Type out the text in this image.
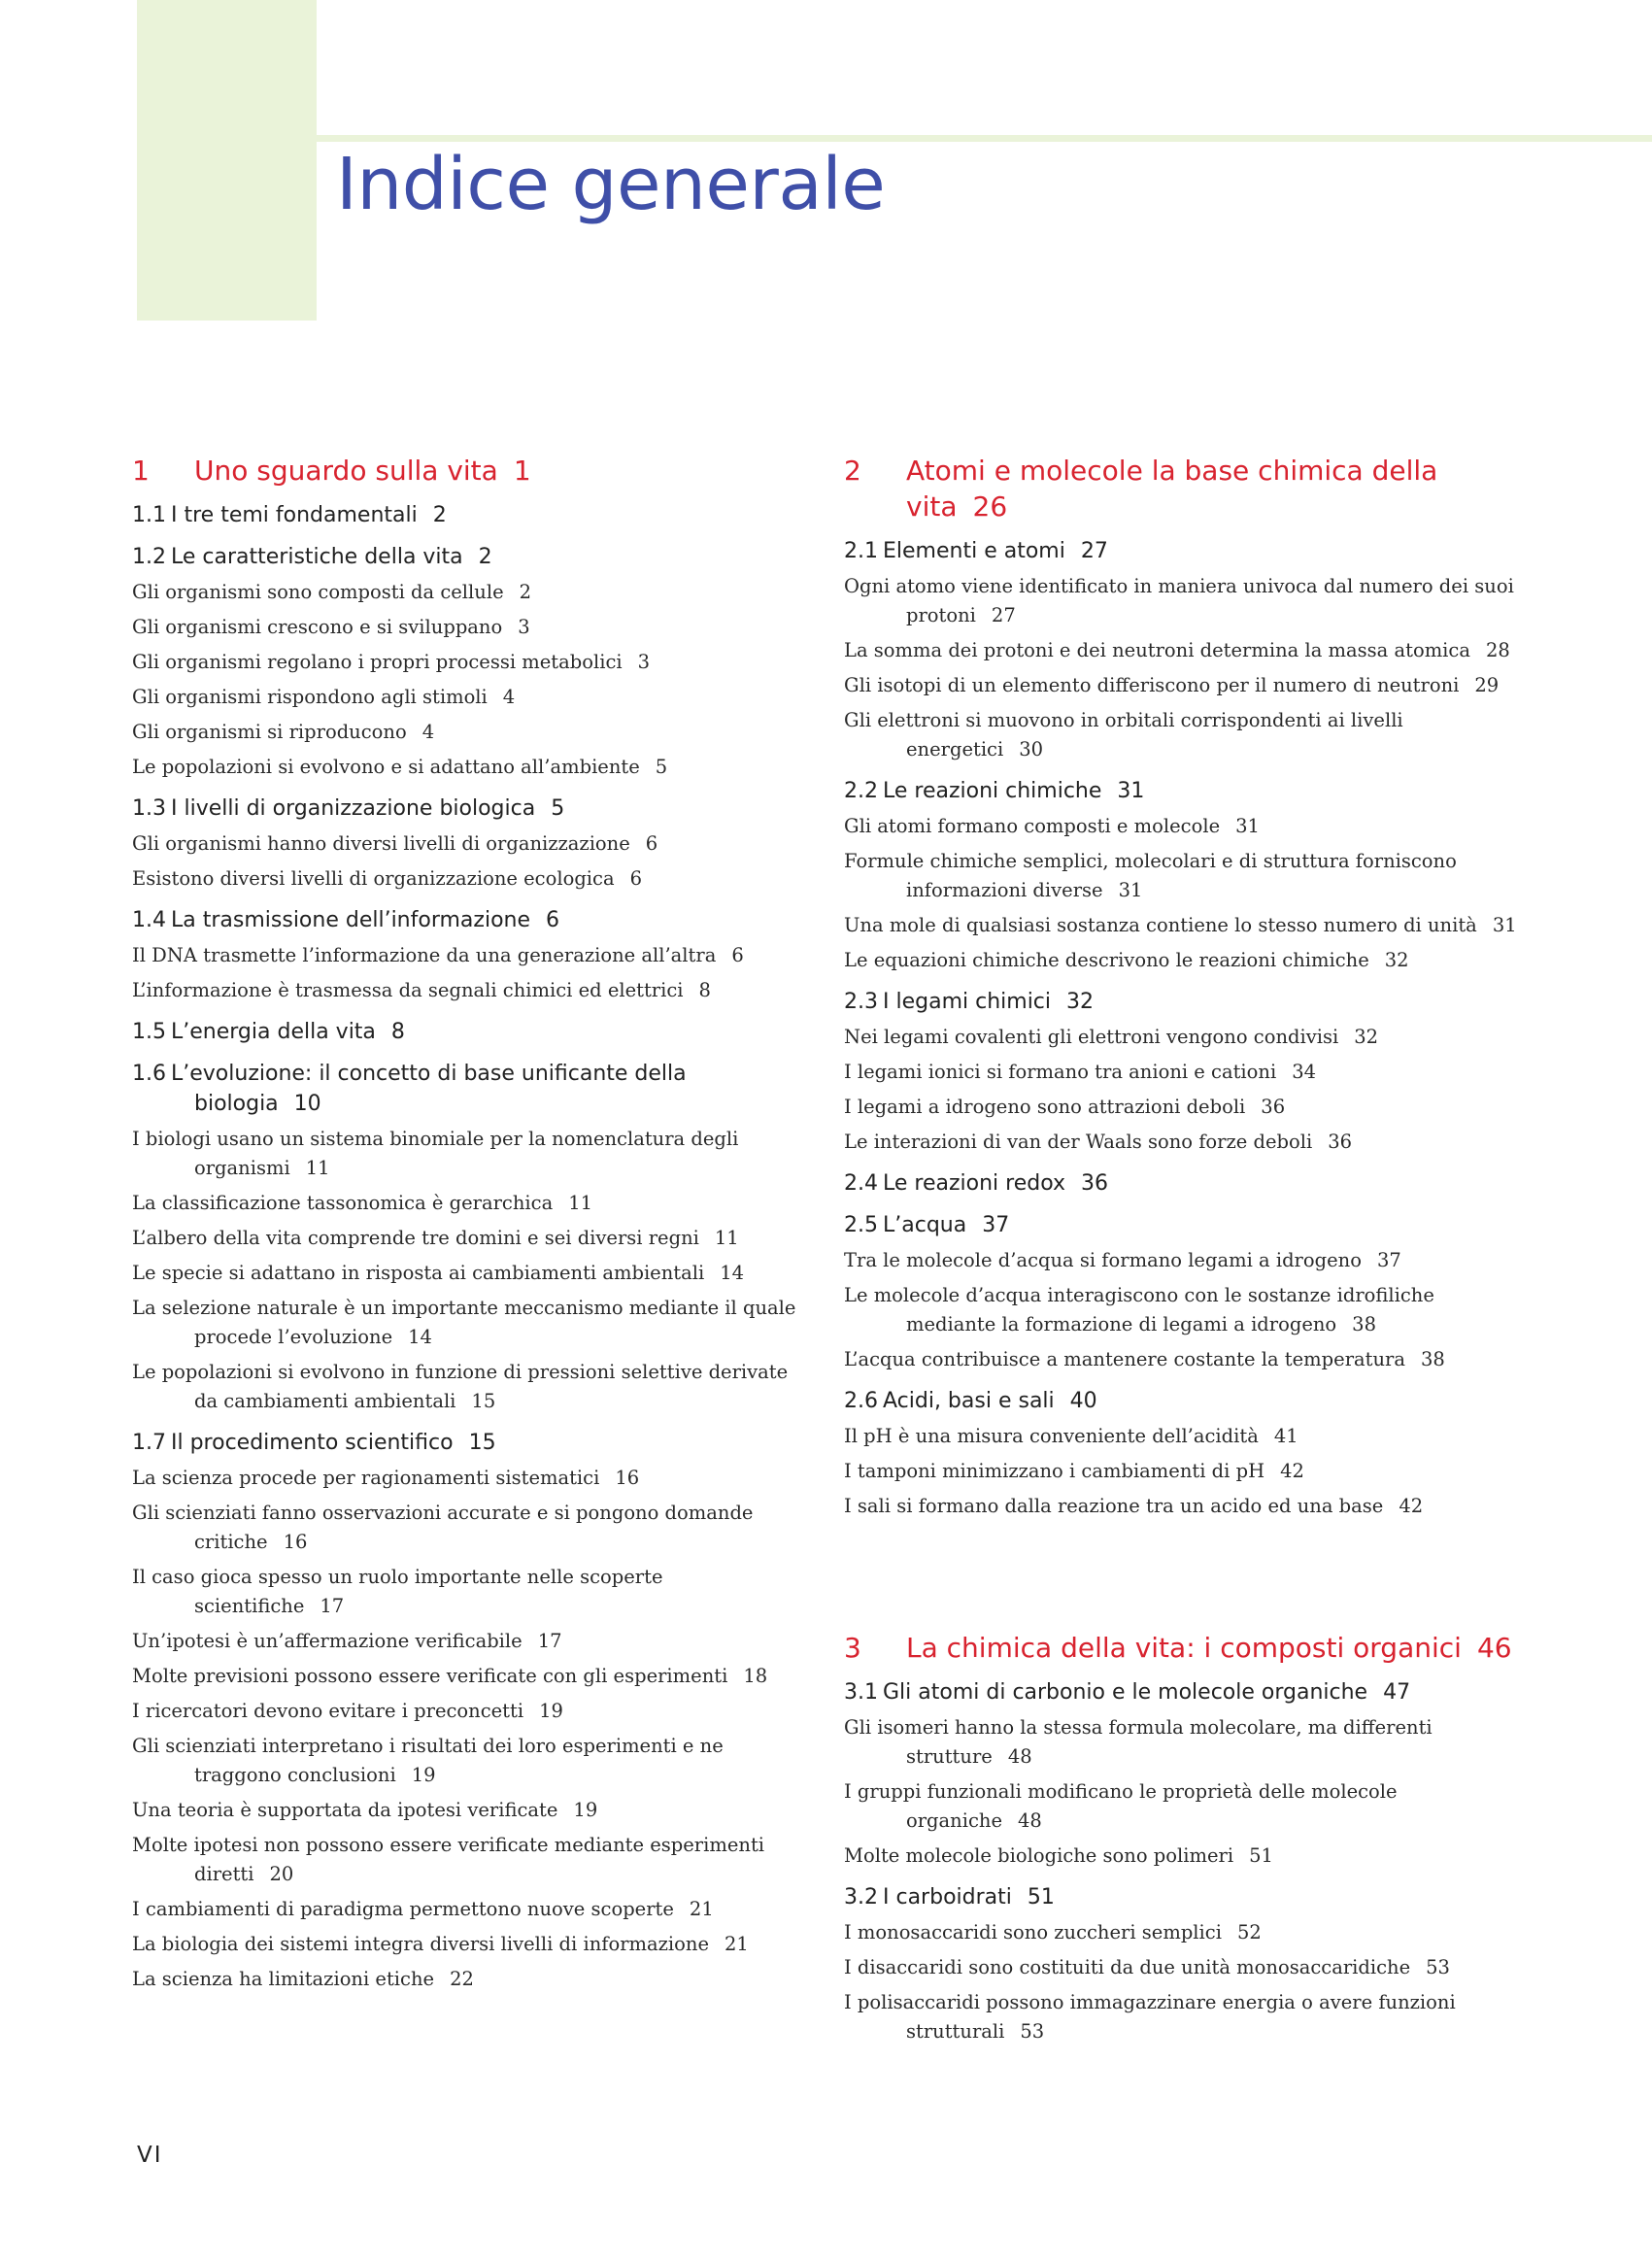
Indice generale
1	Uno sguardo sulla vita 1
1.1 I tre temi fondamentali 2
1.2 Le caratteristiche della vita 2
Gli organismi sono composti da cellule 2
Gli organismi crescono e si sviluppano 3
Gli organismi regolano i propri processi metabolici 3
Gli organismi rispondono agli stimoli 4
Gli organismi si riproducono 4
Le popolazioni si evolvono e si adattano all’ambiente 5
1.3 I livelli di organizzazione biologica 5
Gli organismi hanno diversi livelli di organizzazione 6
Esistono diversi livelli di organizzazione ecologica 6
1.4 La trasmissione dell’informazione 6
Il DNA trasmette l’informazione da una generazione all’altra 6
L’informazione è trasmessa da segnali chimici ed elettrici 8
1.5 L’energia della vita 8
1.6 L’evoluzione: il concetto di base unificante della biologia 10
I biologi usano un sistema binomiale per la nomenclatura degli organismi 11
La classificazione tassonomica è gerarchica 11
L’albero della vita comprende tre domini e sei diversi regni 11
Le specie si adattano in risposta ai cambiamenti ambientali 14
La selezione naturale è un importante meccanismo mediante il quale procede l’evoluzione 14
Le popolazioni si evolvono in funzione di pressioni selettive derivate da cambiamenti ambientali 15
1.7 Il procedimento scientifico 15
La scienza procede per ragionamenti sistematici 16
Gli scienziati fanno osservazioni accurate e si pongono domande critiche 16
Il caso gioca spesso un ruolo importante nelle scoperte scientifiche 17
Un’ipotesi è un’affermazione verificabile 17
Molte previsioni possono essere verificate con gli esperimenti 18
I ricercatori devono evitare i preconcetti 19
Gli scienziati interpretano i risultati dei loro esperimenti e ne traggono conclusioni 19
Una teoria è supportata da ipotesi verificate 19
Molte ipotesi non possono essere verificate mediante esperimenti diretti 20
I cambiamenti di paradigma permettono nuove scoperte 21
La biologia dei sistemi integra diversi livelli di informazione 21
La scienza ha limitazioni etiche 22
2	Atomi e molecole la base chimica della vita 26
2.1 Elementi e atomi 27
Ogni atomo viene identificato in maniera univoca dal numero dei suoi protoni 27
La somma dei protoni e dei neutroni determina la massa atomica 28
Gli isotopi di un elemento differiscono per il numero di neutroni 29
Gli elettroni si muovono in orbitali corrispondenti ai livelli energetici 30
2.2 Le reazioni chimiche 31
Gli atomi formano composti e molecole 31
Formule chimiche semplici, molecolari e di struttura forniscono informazioni diverse 31
Una mole di qualsiasi sostanza contiene lo stesso numero di unità 31
Le equazioni chimiche descrivono le reazioni chimiche 32
2.3 I legami chimici 32
Nei legami covalenti gli elettroni vengono condivisi 32
I legami ionici si formano tra anioni e cationi 34
I legami a idrogeno sono attrazioni deboli 36
Le interazioni di van der Waals sono forze deboli 36
2.4 Le reazioni redox 36
2.5 L’acqua 37
Tra le molecole d’acqua si formano legami a idrogeno 37
Le molecole d’acqua interagiscono con le sostanze idrofiliche mediante la formazione di legami a idrogeno 38
L’acqua contribuisce a mantenere costante la temperatura 38
2.6 Acidi, basi e sali 40
Il pH è una misura conveniente dell’acidità 41
I tamponi minimizzano i cambiamenti di pH 42
I sali si formano dalla reazione tra un acido ed una base 42
3	La chimica della vita: i composti organici 46
3.1 Gli atomi di carbonio e le molecole organiche 47
Gli isomeri hanno la stessa formula molecolare, ma differenti strutture 48
I gruppi funzionali modificano le proprietà delle molecole organiche 48
Molte molecole biologiche sono polimeri 51
3.2 I carboidrati 51
I monosaccaridi sono zuccheri semplici 52
I disaccaridi sono costituiti da due unità monosaccaridiche 53
I polisaccaridi possono immagazzinare energia o avere funzioni strutturali 53
VI
